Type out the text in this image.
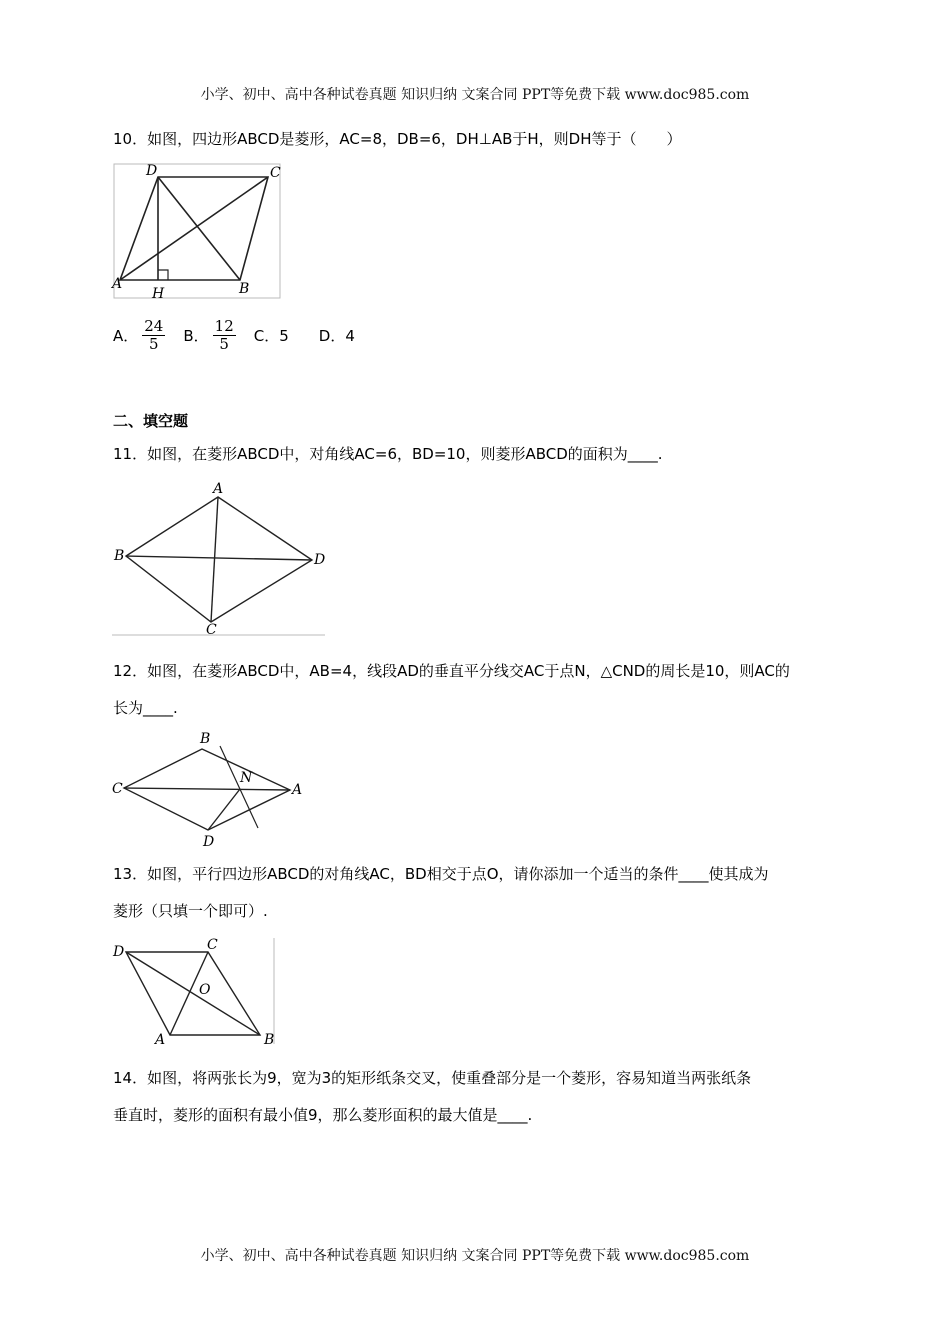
小学、初中、高中各种试卷真题 知识归纳 文案合同 PPT等免费下载 www.doc985.com
10．如图，四边形ABCD是菱形，AC=8，DB=6，DH⊥AB于H，则DH等于（　　）
D	C
A
H	B
A． $\frac{24}{5}$ B． $\frac{12}{5}$ C．5 D．4
二、填空题
11．如图，在菱形ABCD中，对角线AC=6，BD=10，则菱形ABCD的面积为____.
A
B	D
C
12．如图，在菱形ABCD中，AB=4，线段AD的垂直平分线交AC于点N，△CND的周长是10，则AC的
长为____.
B
C
N
A
D
13．如图，平行四边形ABCD的对角线AC，BD相交于点O，请你添加一个适当的条件____使其成为
菱形（只填一个即可）.
D	C
O
A	B
14．如图，将两张长为9，宽为3的矩形纸条交叉，使重叠部分是一个菱形，容易知道当两张纸条
垂直时，菱形的面积有最小值9，那么菱形面积的最大值是____.
小学、初中、高中各种试卷真题 知识归纳 文案合同 PPT等免费下载 www.doc985.com
